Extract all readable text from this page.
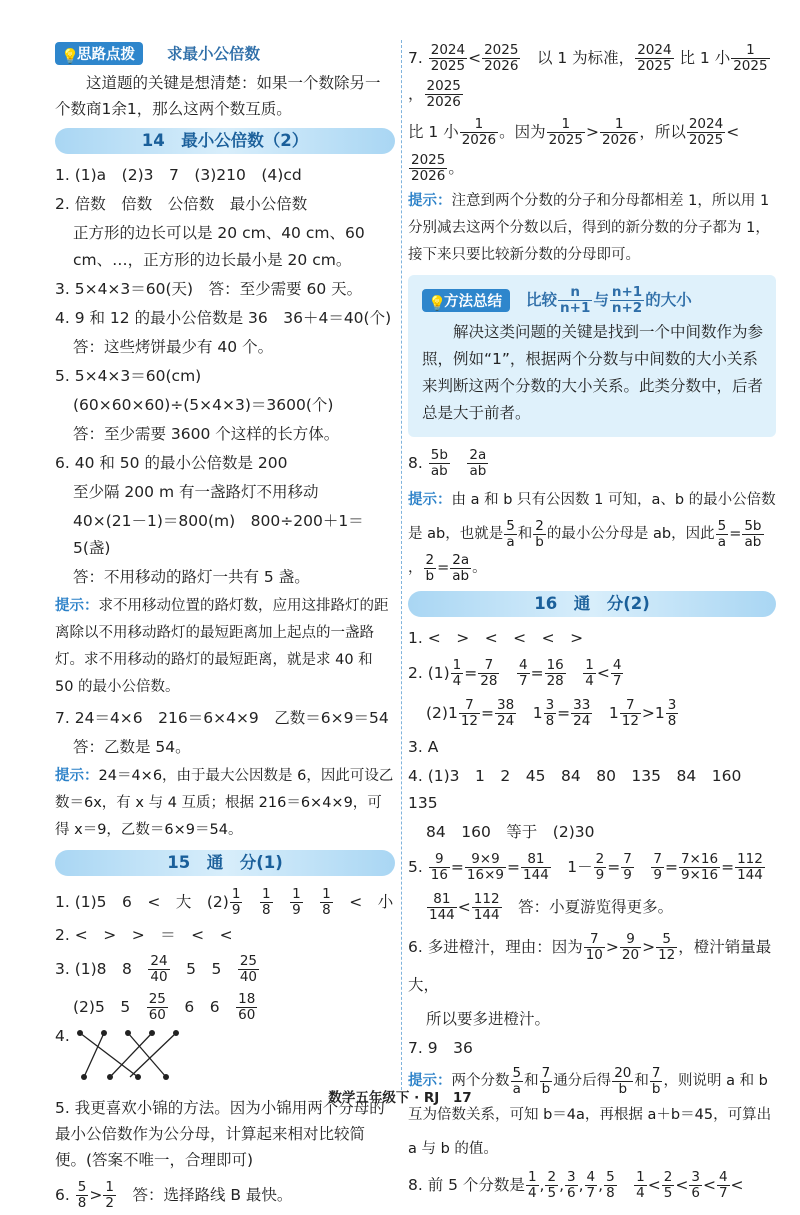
💡思路点拨	求最小公倍数
这道题的关键是想清楚：如果一个数除另一个数商1余1，那么这两个数互质。
14　最小公倍数（2）
1. (1)a　(2)3　7　(3)210　(4)cd
2. 倍数　倍数　公倍数　最小公倍数
正方形的边长可以是 20 cm、40 cm、60 cm、…，正方形的边长最小是 20 cm。
3. 5×4×3＝60(天)　答：至少需要 60 天。
4. 9 和 12 的最小公倍数是 36　36＋4＝40(个)
答：这些烤饼最少有 40 个。
5. 5×4×3＝60(cm)
(60×60×60)÷(5×4×3)＝3600(个)
答：至少需要 3600 个这样的长方体。
6. 40 和 50 的最小公倍数是 200
至少隔 200 m 有一盏路灯不用移动
40×(21－1)＝800(m)　800÷200＋1＝5(盏)
答：不用移动的路灯一共有 5 盏。
提示：求不用移动位置的路灯数，应用这排路灯的距离除以不用移动路灯的最短距离加上起点的一盏路灯。求不用移动的路灯的最短距离，就是求 40 和 50 的最小公倍数。
7. 24＝4×6　216＝6×4×9　乙数＝6×9＝54
答：乙数是 54。
提示：24＝4×6，由于最大公因数是 6，因此可设乙数＝6x，有 x 与 4 互质；根据 216＝6×4×9，可得 x＝9，乙数＝6×9＝54。
15　通　分(1)
1. (1)5　6　<　大　$(2) \frac{1}{9}$
　 $\frac{1}{8}$
　 $\frac{1}{9}$
　 $\frac{1}{8}$
　 <　小
2. <　>　>　＝　<　<
3. (1)8　8　 $\frac{24}{40}$ 　5　5　 $\frac{25}{40}$
(2)5　5　 $\frac{25}{60}$ 　6　6　 $\frac{18}{60}$
4.
5. 我更喜欢小锦的方法。因为小锦用两个分母的最小公倍数作为公分母，计算起来相对比较简便。(答案不唯一，合理即可)
6. $\frac{5}{8} > \frac{1}{2}$
　 答：选择路线 B 最快。
7. $\frac{2024}{2025} < \frac{2025}{2026}$
　 以 1 为标准， $\frac{2024}{2025}$ 比 1 小 $\frac{1}{2025}$
， $\frac{2025}{2026}$
比 1 小 $\frac{1}{2026}$ 。因为 $\frac{1}{2025} > \frac{1}{2026}$ ，所以 $\frac{2024}{2025}$ <
$\frac{2025}{2026}$ 。
提示：注意到两个分数的分子和分母都相差 1，所以用 1 分别减去这两个分数以后，得到的新分数的分子都为 1，接下来只要比较新分数的分母即可。
💡方法总结	比较 $\frac{n}{n+1}$ 与 $\frac{n+1}{n+2}$ 的大小
解决这类问题的关键是找到一个中间数作为参照，例如“1”，根据两个分数与中间数的大小关系来判断这两个分数的大小关系。此类分数中，后者总是大于前者。
8. $\frac{5b}{ab}$
　 $\frac{2a}{ab}$
提示：由 a 和 b 只有公因数 1 可知，a、b 的最小公倍数是 ab，也就是 $\frac{5}{a}$ 和 $\frac{2}{b}$ 的最小公分母是 ab，因此 $\frac{5}{a} = \frac{5b}{ab}$
， $\frac{2}{b} = \frac{2a}{ab}$ 。
16　通　分(2)
1. <　>　<　<　<　>
2. $(1) \frac{1}{4} = \frac{7}{28}$
　 $\frac{4}{7} = \frac{16}{28}$
　 $\frac{1}{4} < \frac{4}{7}$
$(2)1 \frac{7}{12} = \frac{38}{24}$ 　$1 \frac{3}{8} = \frac{33}{24}$ 　$1 \frac{7}{12} >1 \frac{3}{8}$
3. A
4. (1)3　1　2　45　84　80　135　84　160　135
84　160　等于　(2)30
5. $\frac{9}{16} = \frac{9\times 9}{16\times 9} = \frac{81}{144}$ 　$1- \frac{2}{9} = \frac{7}{9}$
　 $\frac{7}{9} = \frac{7\times 16}{9\times 16} = \frac{112}{144}$
$\frac{81}{144} < \frac{112}{144}$
　 答：小夏游览得更多。
6. 多进橙汁，理由：因为 $\frac{7}{10} > \frac{9}{20} > \frac{5}{12}$ ，橙汁销量最大，
所以要多进橙汁。
7. 9　36
提示：两个分数 $\frac{5}{a}$ 和 $\frac{7}{b}$ 通分后得 $\frac{20}{b}$ 和 $\frac{7}{b}$ ，则说明 a 和 b 互为倍数关系，可知 b＝4a，再根据 a＋b＝45，可算出 a 与 b 的值。
8. 前 5 个分数是 $\frac{1}{4}$ , $\frac{2}{5}$ , $\frac{3}{6}$ , $\frac{4}{7}$ , $\frac{5}{8}$
　 $\frac{1}{4} < \frac{2}{5} < \frac{3}{6} < \frac{4}{7}$ <
数学五年级下 · RJ　17
